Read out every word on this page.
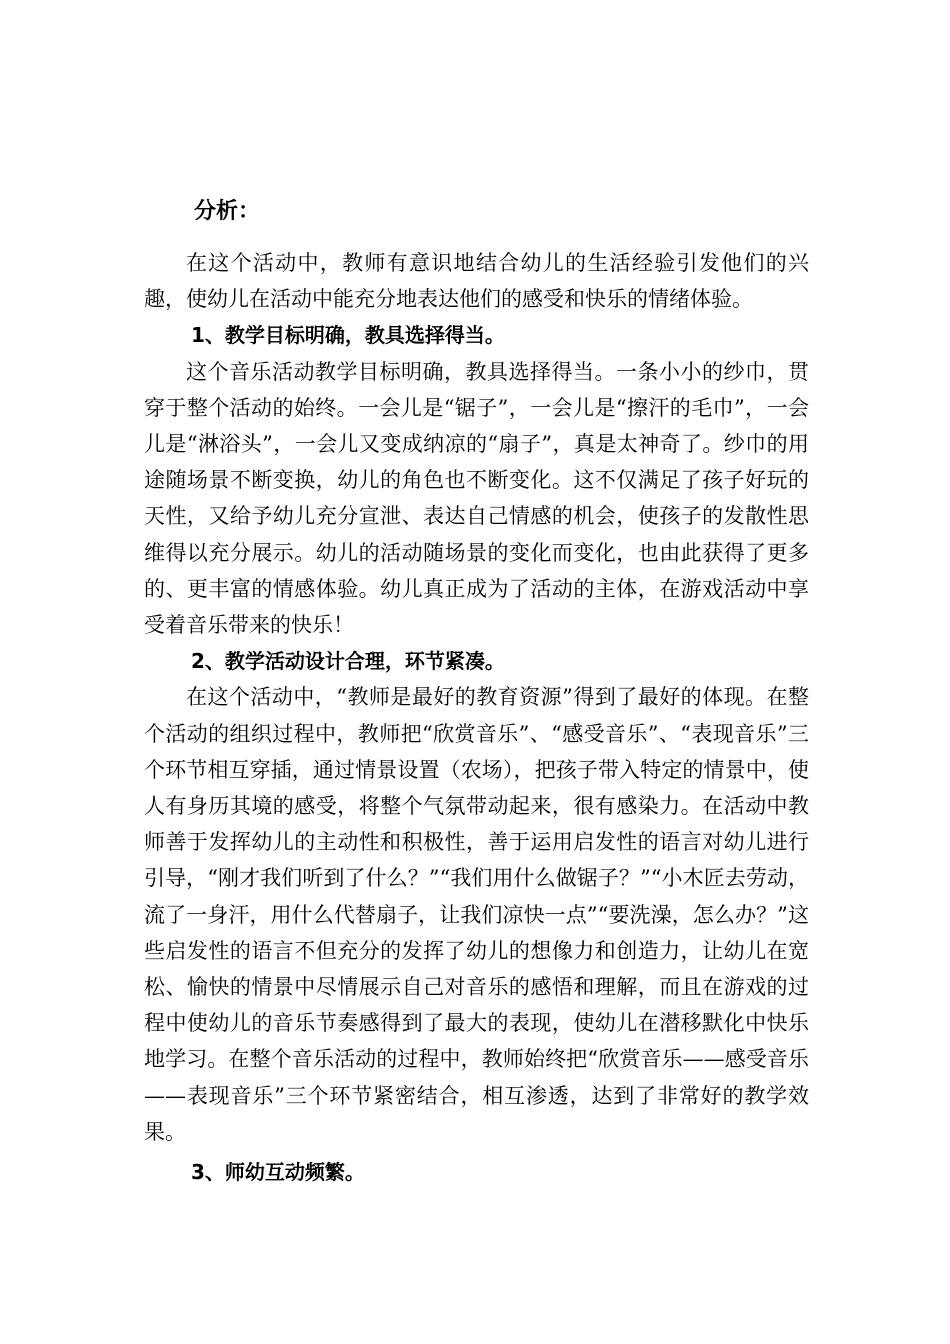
分析：

在这个活动中，教师有意识地结合幼儿的生活经验引发他们的兴趣，使幼儿在活动中能充分地表达他们的感受和快乐的情绪体验。

1、教学目标明确，教具选择得当。

这个音乐活动教学目标明确，教具选择得当。一条小小的纱巾，贯穿于整个活动的始终。一会儿是“锯子”，一会儿是“擦汗的毛巾”，一会儿是“淋浴头”，一会儿又变成纳凉的“扇子”，真是太神奇了。纱巾的用途随场景不断变换，幼儿的角色也不断变化。这不仅满足了孩子好玩的天性，又给予幼儿充分宣泄、表达自己情感的机会，使孩子的发散性思维得以充分展示。幼儿的活动随场景的变化而变化，也由此获得了更多的、更丰富的情感体验。幼儿真正成为了活动的主体，在游戏活动中享受着音乐带来的快乐！

2、教学活动设计合理，环节紧凑。

在这个活动中，“教师是最好的教育资源”得到了最好的体现。在整个活动的组织过程中，教师把“欣赏音乐”、“感受音乐”、“表现音乐”三个环节相互穿插，通过情景设置（农场），把孩子带入特定的情景中，使人有身历其境的感受，将整个气氛带动起来，很有感染力。在活动中教师善于发挥幼儿的主动性和积极性，善于运用启发性的语言对幼儿进行引导，“刚才我们听到了什么？”“我们用什么做锯子？”“小木匠去劳动，流了一身汗，用什么代替扇子，让我们凉快一点”“要洗澡，怎么办？”这些启发性的语言不但充分的发挥了幼儿的想像力和创造力，让幼儿在宽松、愉快的情景中尽情展示自己对音乐的感悟和理解，而且在游戏的过程中使幼儿的音乐节奏感得到了最大的表现，使幼儿在潜移默化中快乐地学习。在整个音乐活动的过程中，教师始终把“欣赏音乐——感受音乐——表现音乐”三个环节紧密结合，相互渗透，达到了非常好的教学效果。

3、师幼互动频繁。
